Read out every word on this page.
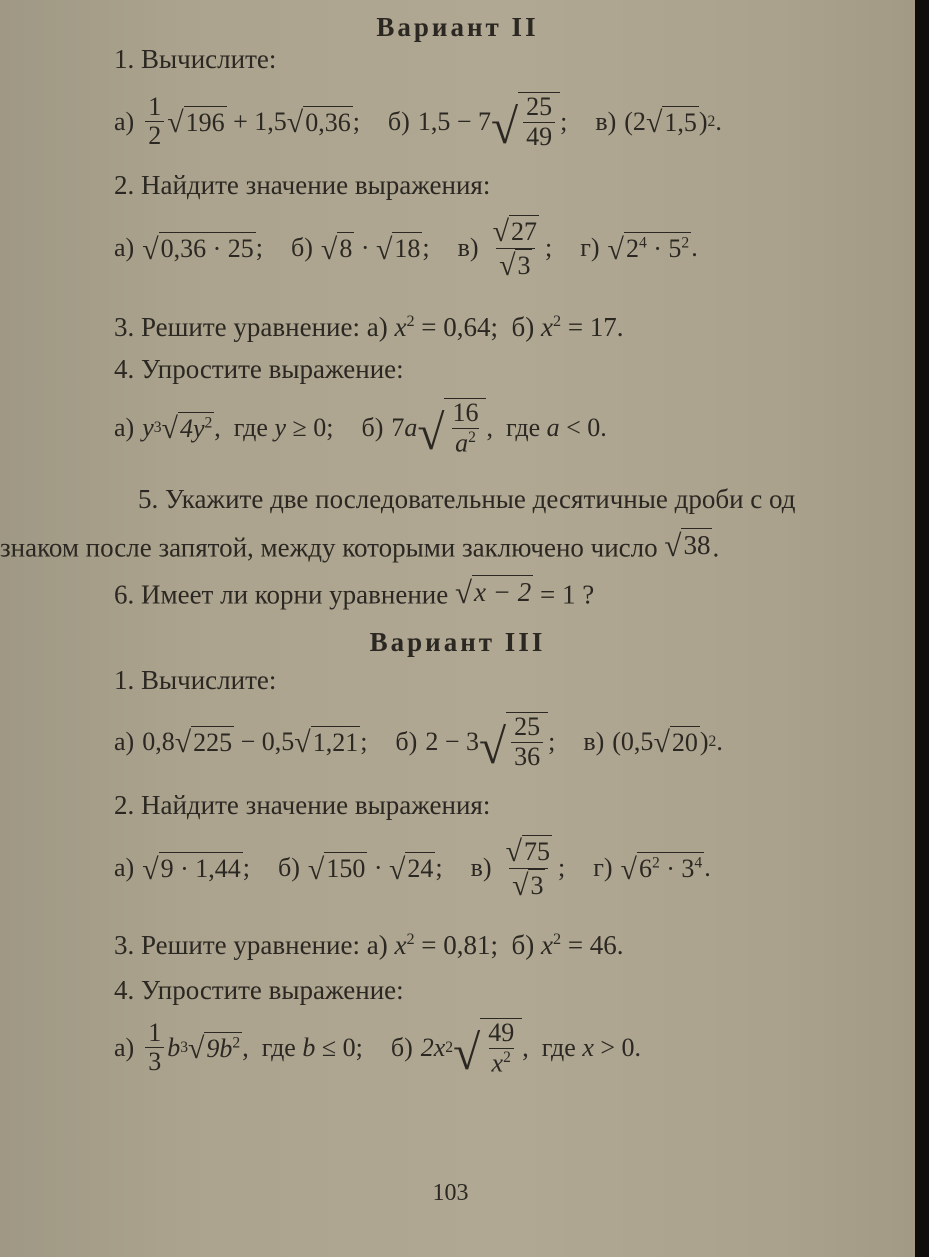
Вариант II
1. Вычислите:
$а) \frac{1}{2}$ √ 196 + 1,5 √ 0,36 ; б) 1,5 − 7 √ $\frac{25}{49}$ ; в) (2 √ 1,5 ) 2 .
2. Найдите значение выражения:
а) √ 0,36 · 25 ; б) √ 8 · √ 18 ; $в) \frac{√ 27}{√ 3}$ ; г) √ $2^4 \cdot 5^2$ .
3. Решите уравнение: а) $x^2 = 0,64$;  б) $x^2 = 17$.
4. Упростите выражение:
а) y 3 √ $4y^2$ ,  где y ≥ 0; б) 7 a √ $\frac{16}{a^2}$ ,  где a < 0.
5. Укажите две последовательные десятичные дроби с од
знаком после запятой, между которыми заключено число √ 38 .
6. Имеет ли корни уравнение √ x − 2 = 1 ?
Вариант III
1. Вычислите:
а) 0,8 √ 225 − 0,5 √ 1,21 ; б) 2 − 3 √ $\frac{25}{36}$ ; в) (0,5 √ 20 ) 2 .
2. Найдите значение выражения:
а) √ 9 · 1,44 ; б) √ 150 · √ 24 ; $в) \frac{√ 75}{√ 3}$ ; г) √ $6^2 \cdot 3^4$ .
3. Решите уравнение: а) $x^2 = 0,81$;  б) $x^2 = 46$.
4. Упростите выражение:
$а) \frac{1}{3}$ b 3 √ $9b^2$ ,  где b ≤ 0; б) 2x 2 √ $\frac{49}{x^2}$ ,  где x > 0.
103
